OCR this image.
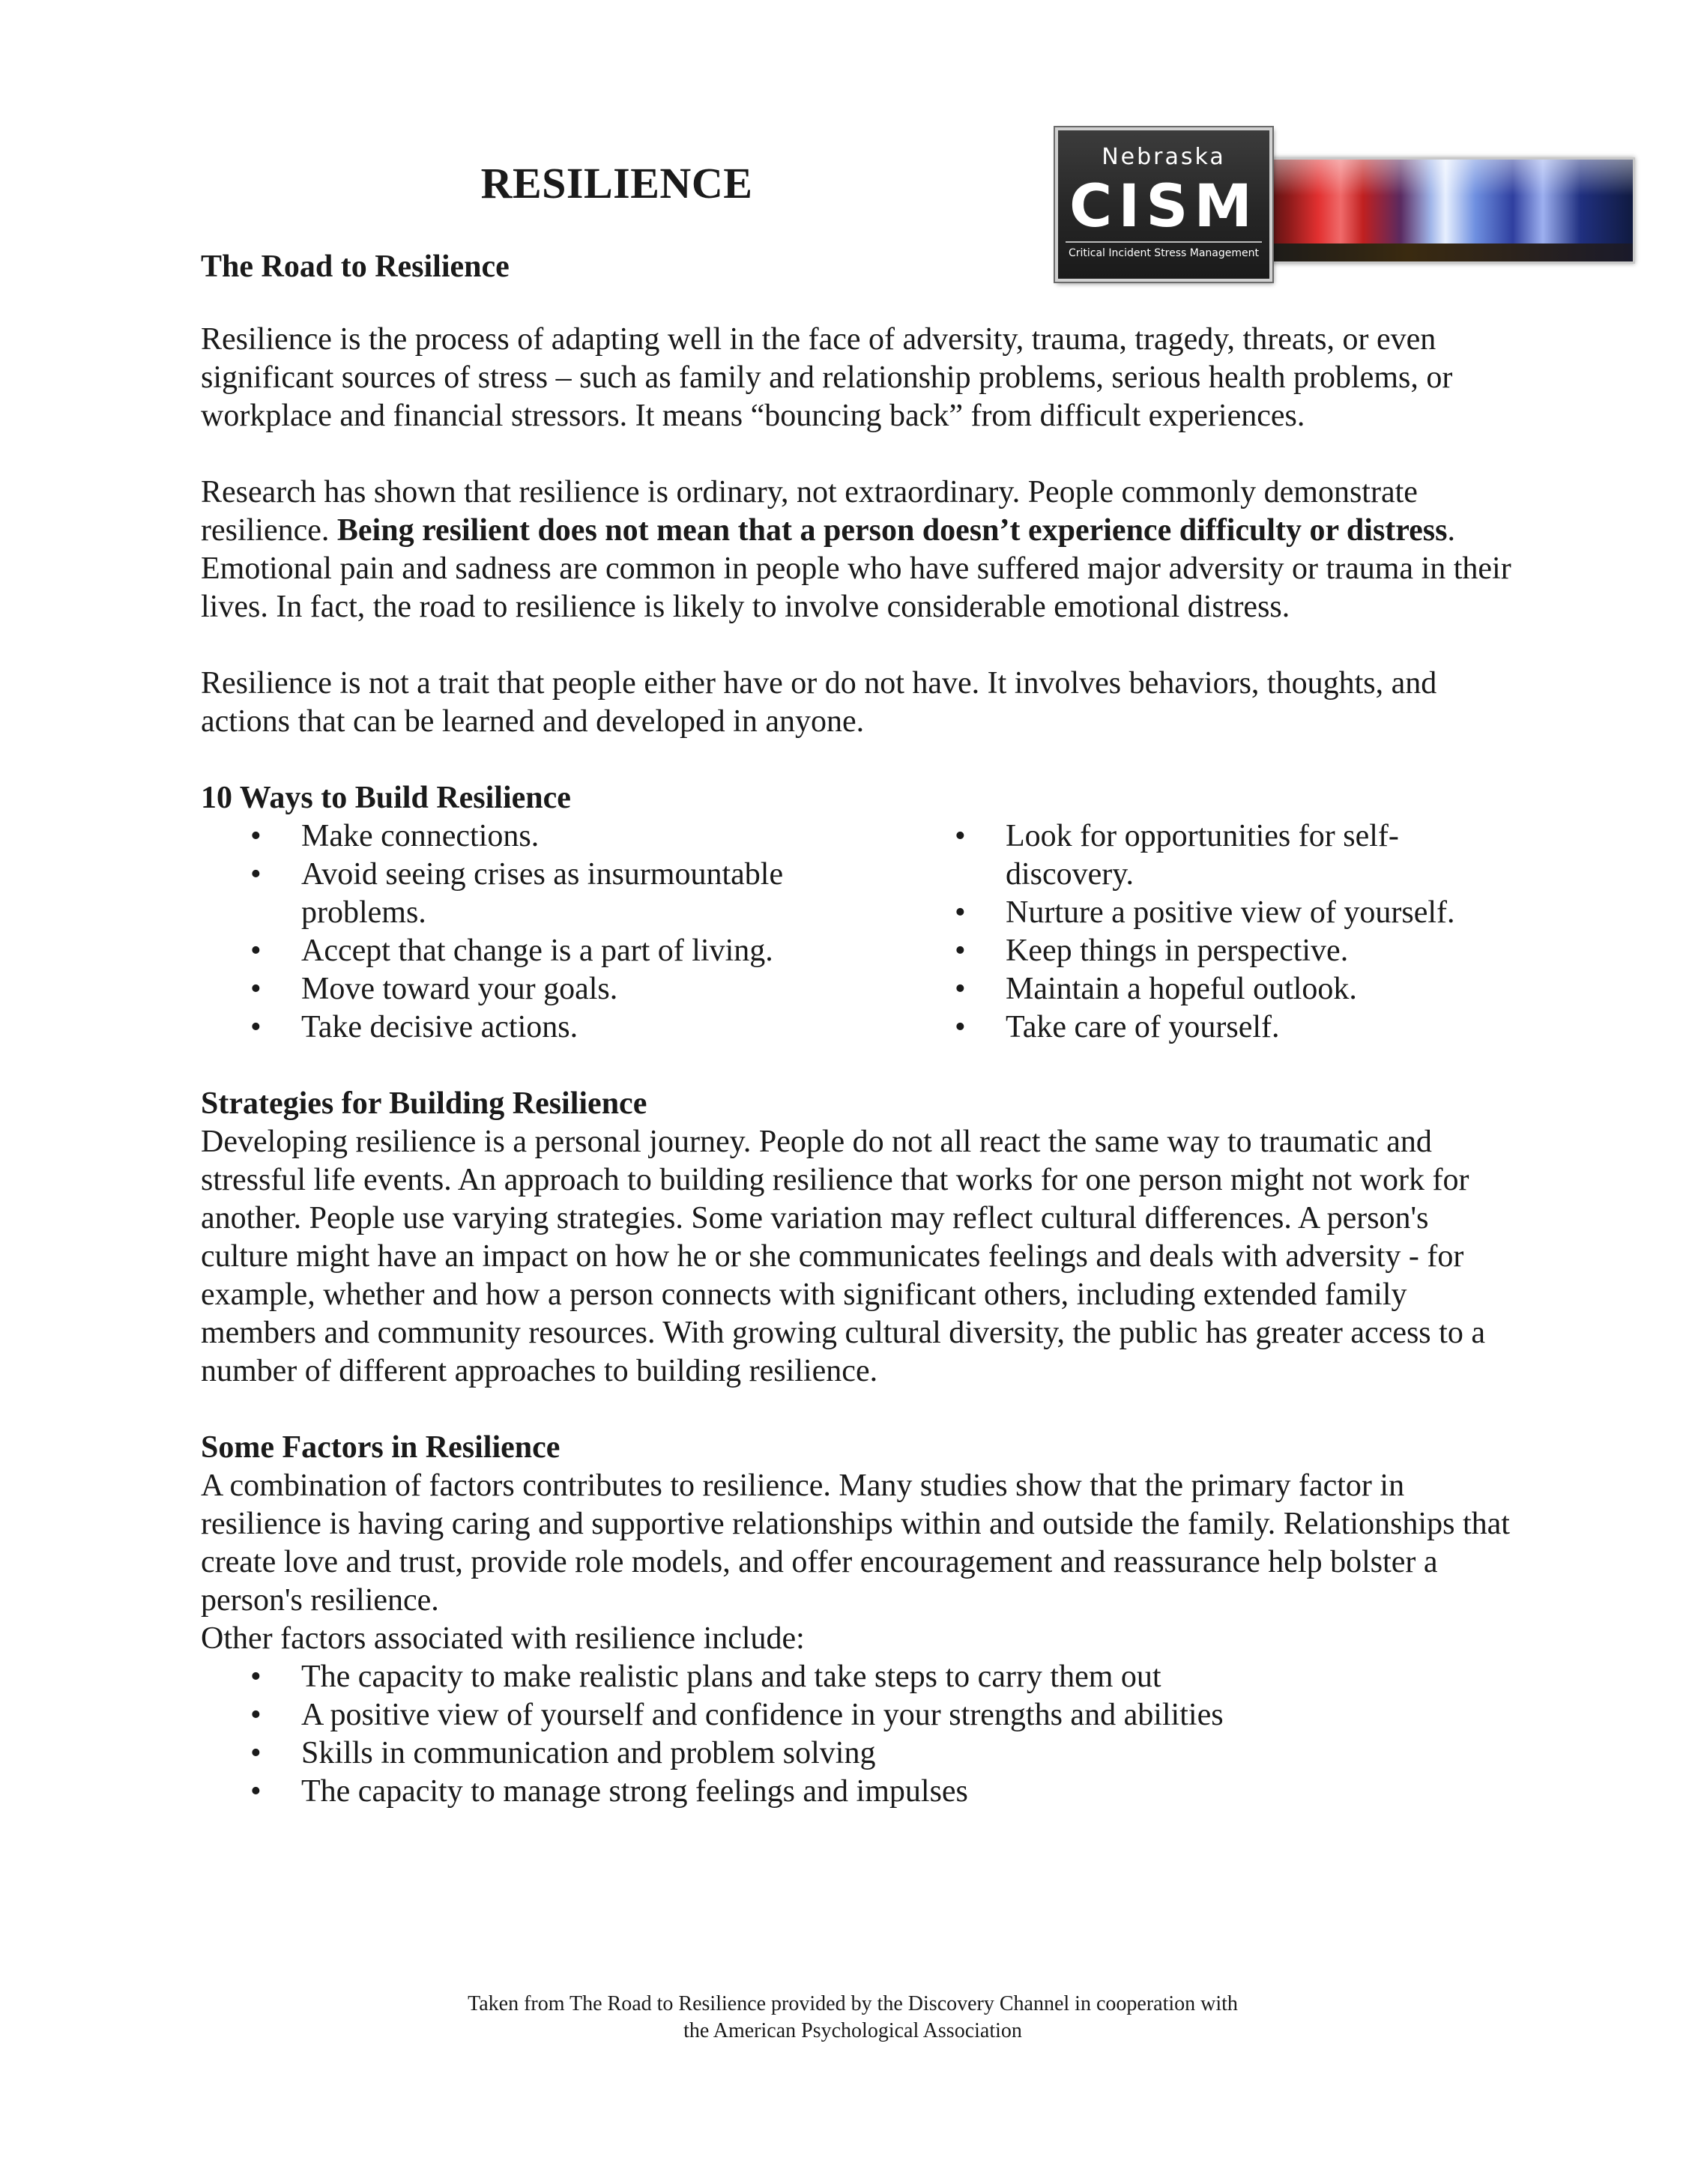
Nebraska
CISM
Critical Incident Stress Management
RESILIENCE
The Road to Resilience

Resilience is the process of adapting well in the face of adversity, trauma, tragedy, threats, or even significant sources of stress – such as family and relationship problems, serious health problems, or workplace and financial stressors. It means “bouncing back” from difficult experiences.

Research has shown that resilience is ordinary, not extraordinary. People commonly demonstrate resilience. Being resilient does not mean that a person doesn’t experience difficulty or distress. Emotional pain and sadness are common in people who have suffered major adversity or trauma in their lives. In fact, the road to resilience is likely to involve considerable emotional distress.

Resilience is not a trait that people either have or do not have. It involves behaviors, thoughts, and actions that can be learned and developed in anyone.

10 Ways to Build Resilience

• Make connections.
• Avoid seeing crises as insurmountable problems.
• Accept that change is a part of living.
• Move toward your goals.
• Take decisive actions.
• Look for opportunities for self-discovery.
• Nurture a positive view of yourself.
• Keep things in perspective.
• Maintain a hopeful outlook.
• Take care of yourself.

Strategies for Building Resilience

Developing resilience is a personal journey. People do not all react the same way to traumatic and stressful life events. An approach to building resilience that works for one person might not work for another. People use varying strategies. Some variation may reflect cultural differences. A person's culture might have an impact on how he or she communicates feelings and deals with adversity - for example, whether and how a person connects with significant others, including extended family members and community resources. With growing cultural diversity, the public has greater access to a number of different approaches to building resilience.

Some Factors in Resilience

A combination of factors contributes to resilience. Many studies show that the primary factor in resilience is having caring and supportive relationships within and outside the family. Relationships that create love and trust, provide role models, and offer encouragement and reassurance help bolster a person's resilience.

Other factors associated with resilience include:

• The capacity to make realistic plans and take steps to carry them out
• A positive view of yourself and confidence in your strengths and abilities
• Skills in communication and problem solving
• The capacity to manage strong feelings and impulses
Taken from The Road to Resilience provided by the Discovery Channel in cooperation with
the American Psychological Association
